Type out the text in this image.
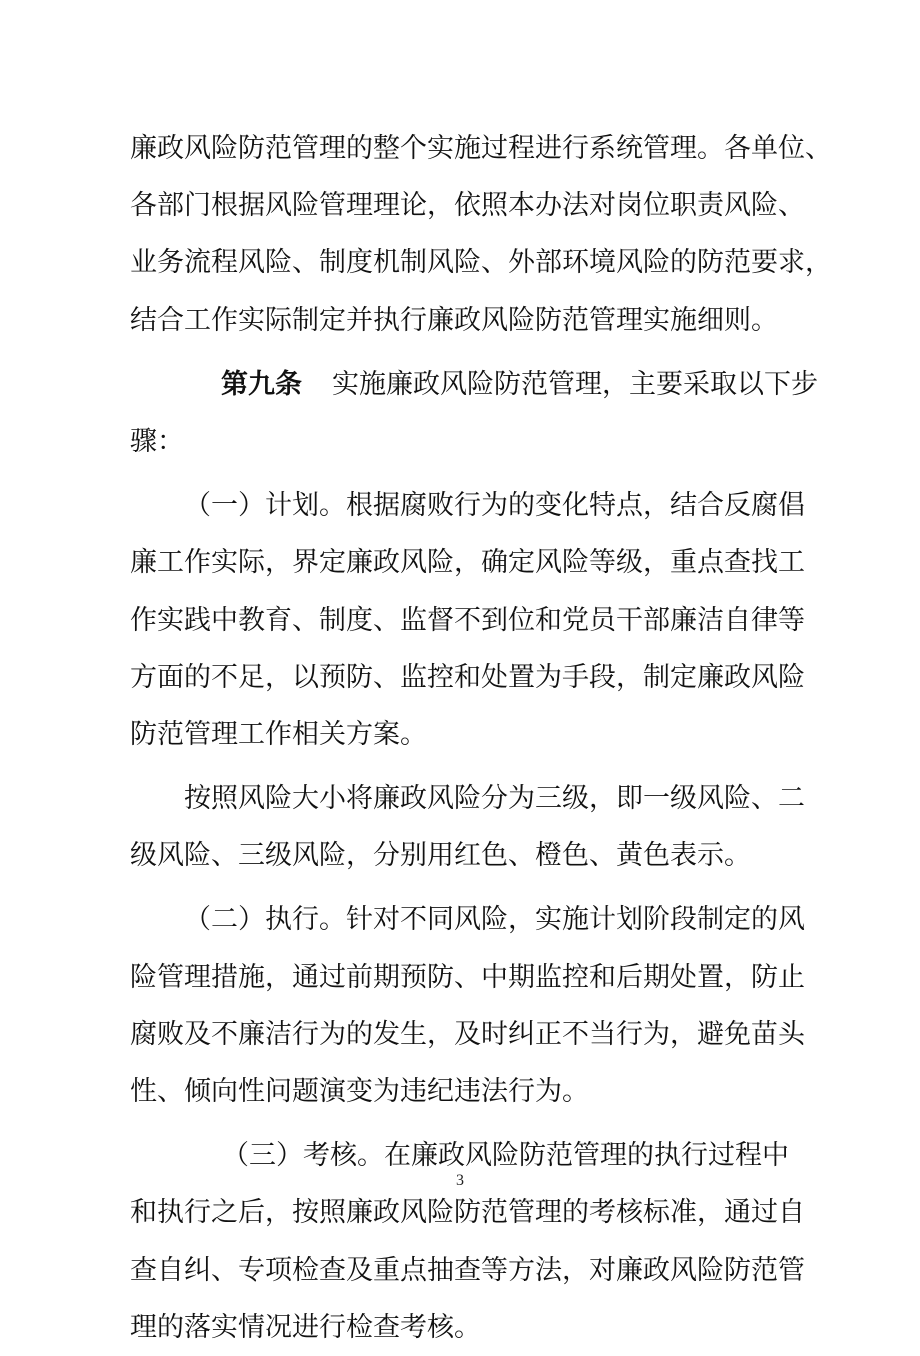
廉政风险防范管理的整个实施过程进行系统管理。各单位、
各部门根据风险管理理论，依照本办法对岗位职责风险、
业务流程风险、制度机制风险、外部环境风险的防范要求，
结合工作实际制定并执行廉政风险防范管理实施细则。
第九条 实施廉政风险防范管理，主要采取以下步
骤：
（一）计划。根据腐败行为的变化特点，结合反腐倡
廉工作实际，界定廉政风险，确定风险等级，重点查找工
作实践中教育、制度、监督不到位和党员干部廉洁自律等
方面的不足，以预防、监控和处置为手段，制定廉政风险
防范管理工作相关方案。
按照风险大小将廉政风险分为三级，即一级风险、二
级风险、三级风险，分别用红色、橙色、黄色表示。
（二）执行。针对不同风险，实施计划阶段制定的风
险管理措施，通过前期预防、中期监控和后期处置，防止
腐败及不廉洁行为的发生，及时纠正不当行为，避免苗头
性、倾向性问题演变为违纪违法行为。
（三）考核。在廉政风险防范管理的执行过程中
和执行之后，按照廉政风险防范管理的考核标准，通过自
查自纠、专项检查及重点抽查等方法，对廉政风险防范管
理的落实情况进行检查考核。
3
